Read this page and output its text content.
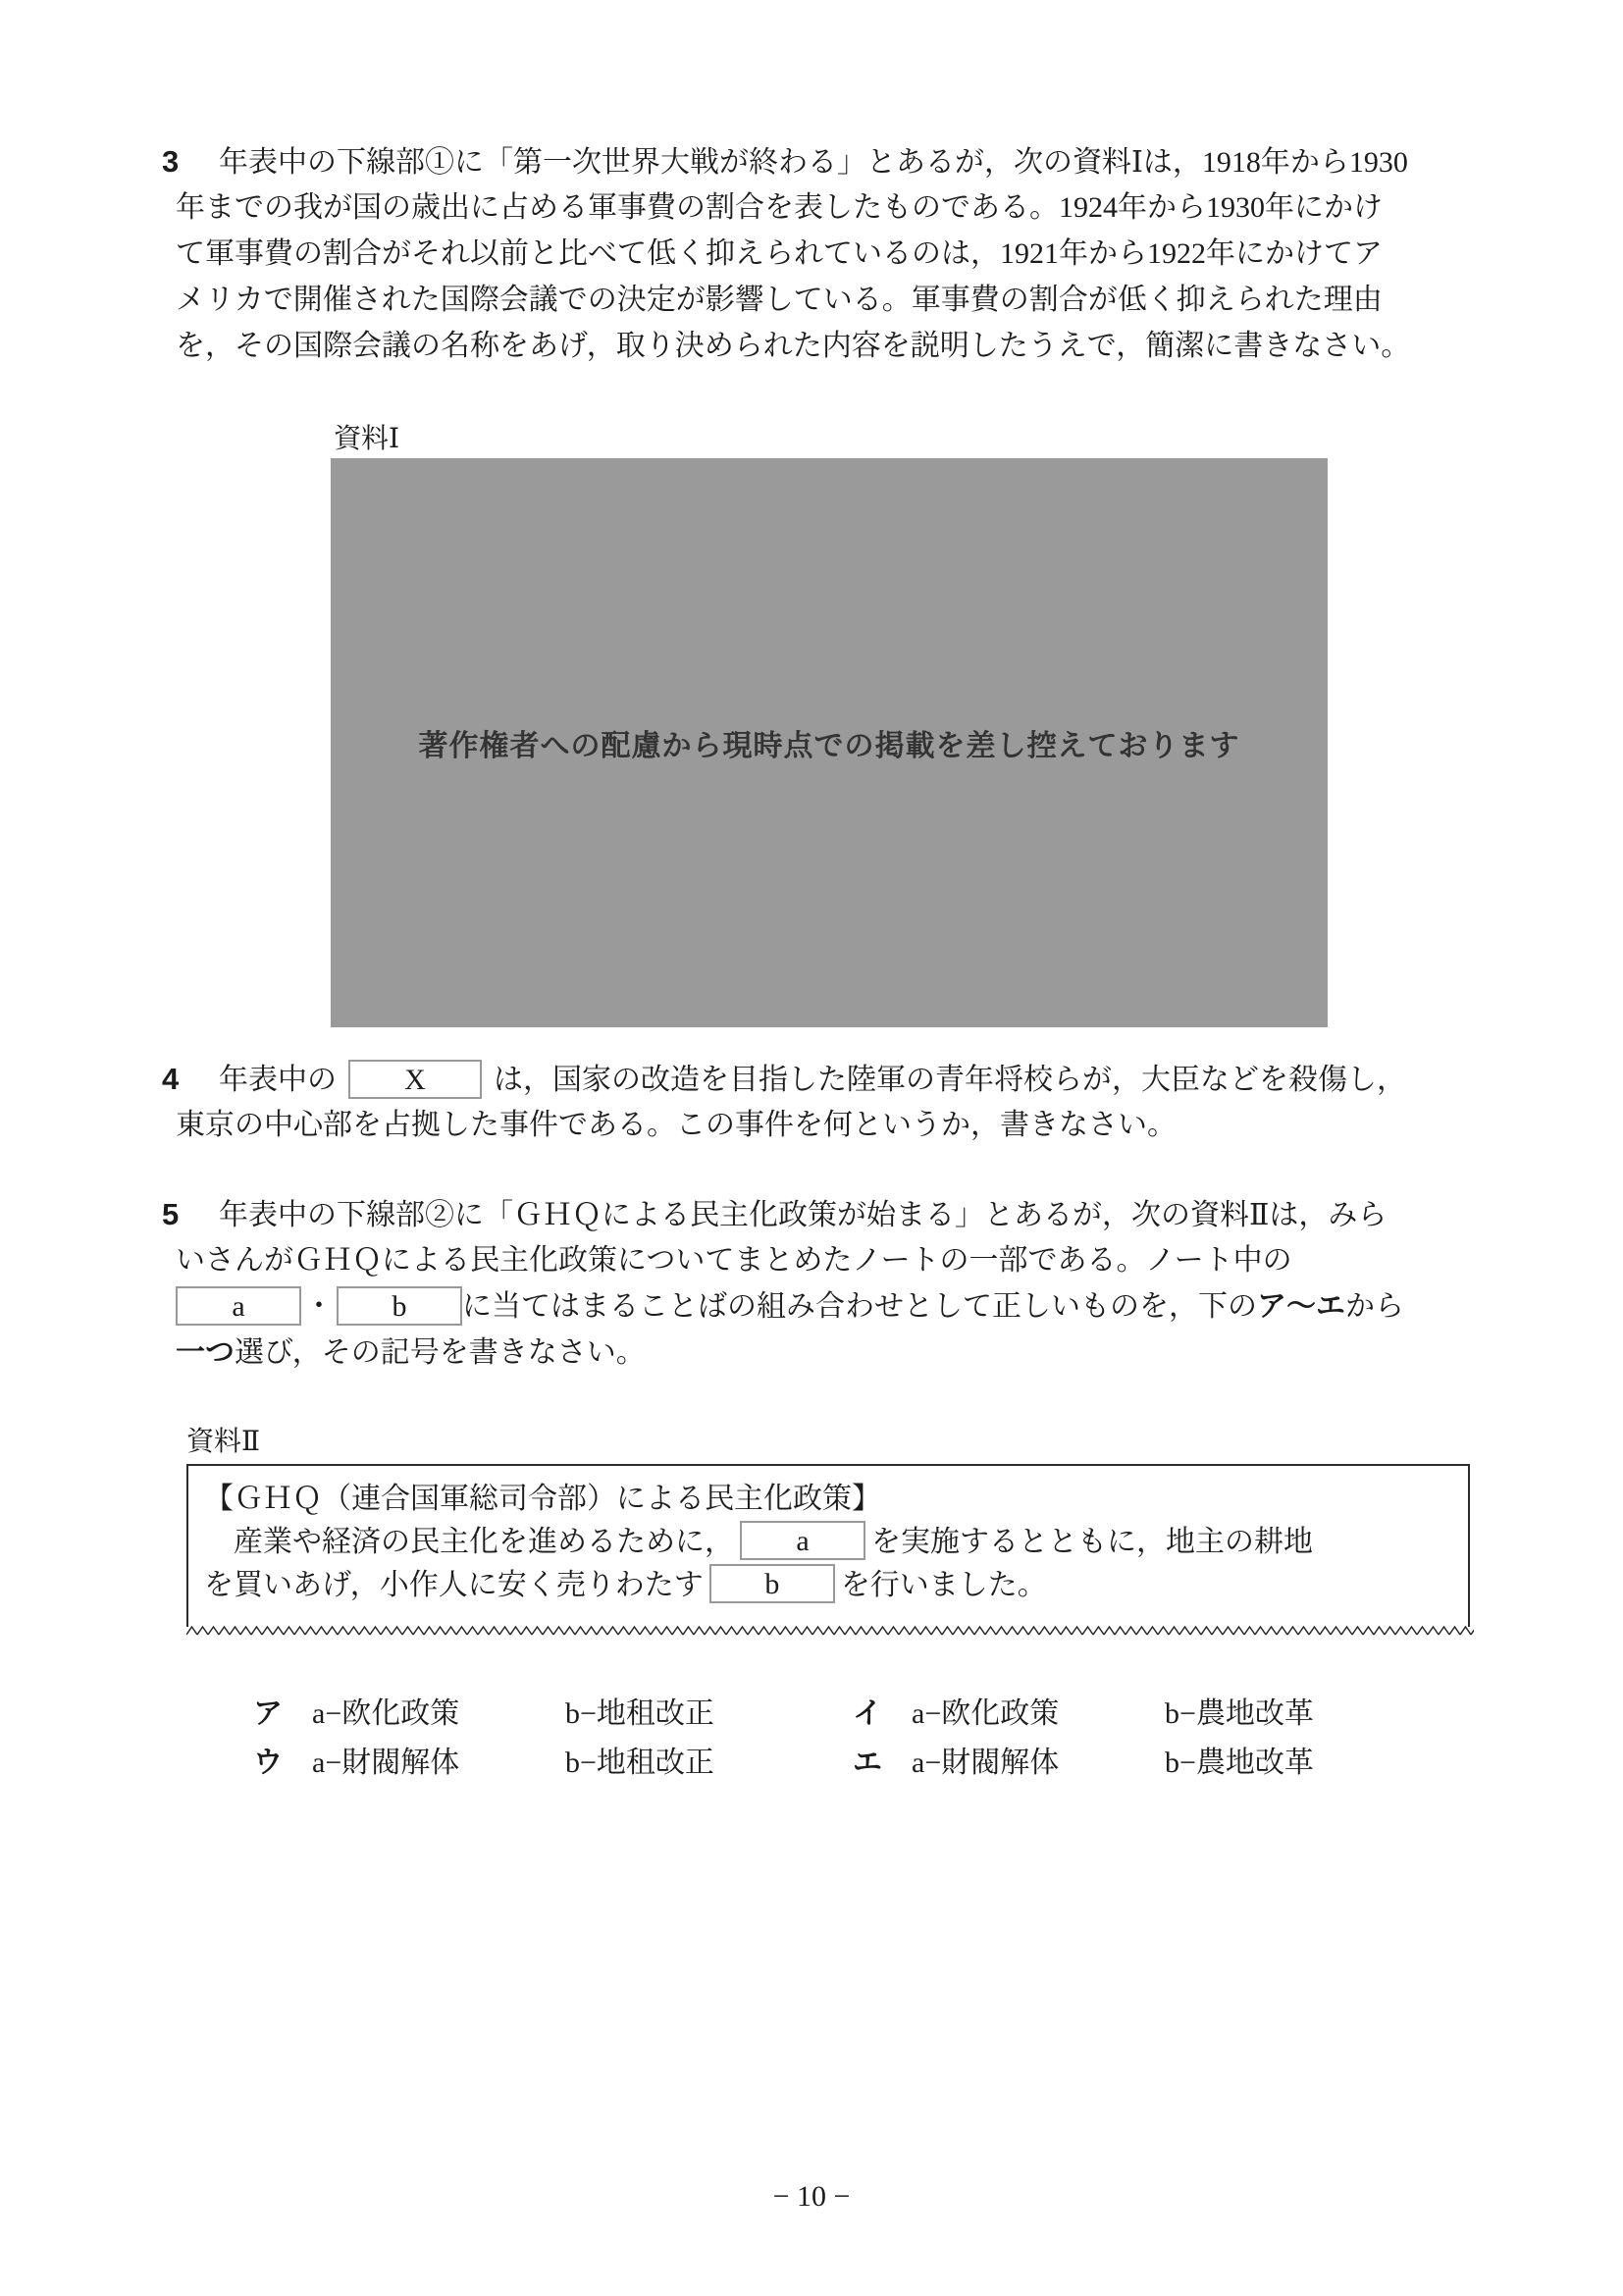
3 年表中の下線部①に「第一次世界大戦が終わる」とあるが，次の資料Ⅰは，1918年から1930
年までの我が国の歳出に占める軍事費の割合を表したものである。1924年から1930年にかけ
て軍事費の割合がそれ以前と比べて低く抑えられているのは，1921年から1922年にかけてア
メリカで開催された国際会議での決定が影響している。軍事費の割合が低く抑えられた理由
を，その国際会議の名称をあげ，取り決められた内容を説明したうえで，簡潔に書きなさい。
資料Ⅰ
著作権者への配慮から現時点での掲載を差し控えております
4 年表中の X は，国家の改造を目指した陸軍の青年将校らが，大臣などを殺傷し，
東京の中心部を占拠した事件である。この事件を何というか，書きなさい。
5 年表中の下線部②に「ＧＨＱによる民主化政策が始まる」とあるが，次の資料Ⅱは，みら
いさんがＧＨＱによる民主化政策についてまとめたノートの一部である。ノート中の
a ・ b に当てはまることばの組み合わせとして正しいものを，下のア〜エから
一つ選び，その記号を書きなさい。
資料Ⅱ
【ＧＨＱ（連合国軍総司令部）による民主化政策】
産業や経済の民主化を進めるために， a を実施するとともに，地主の耕地
を買いあげ，小作人に安く売りわたす b を行いました。
ア	a−欧化政策	b−地租改正	イ	a−欧化政策	b−農地改革
ウ	a−財閥解体	b−地租改正	エ	a−財閥解体	b−農地改革
− 10 −
